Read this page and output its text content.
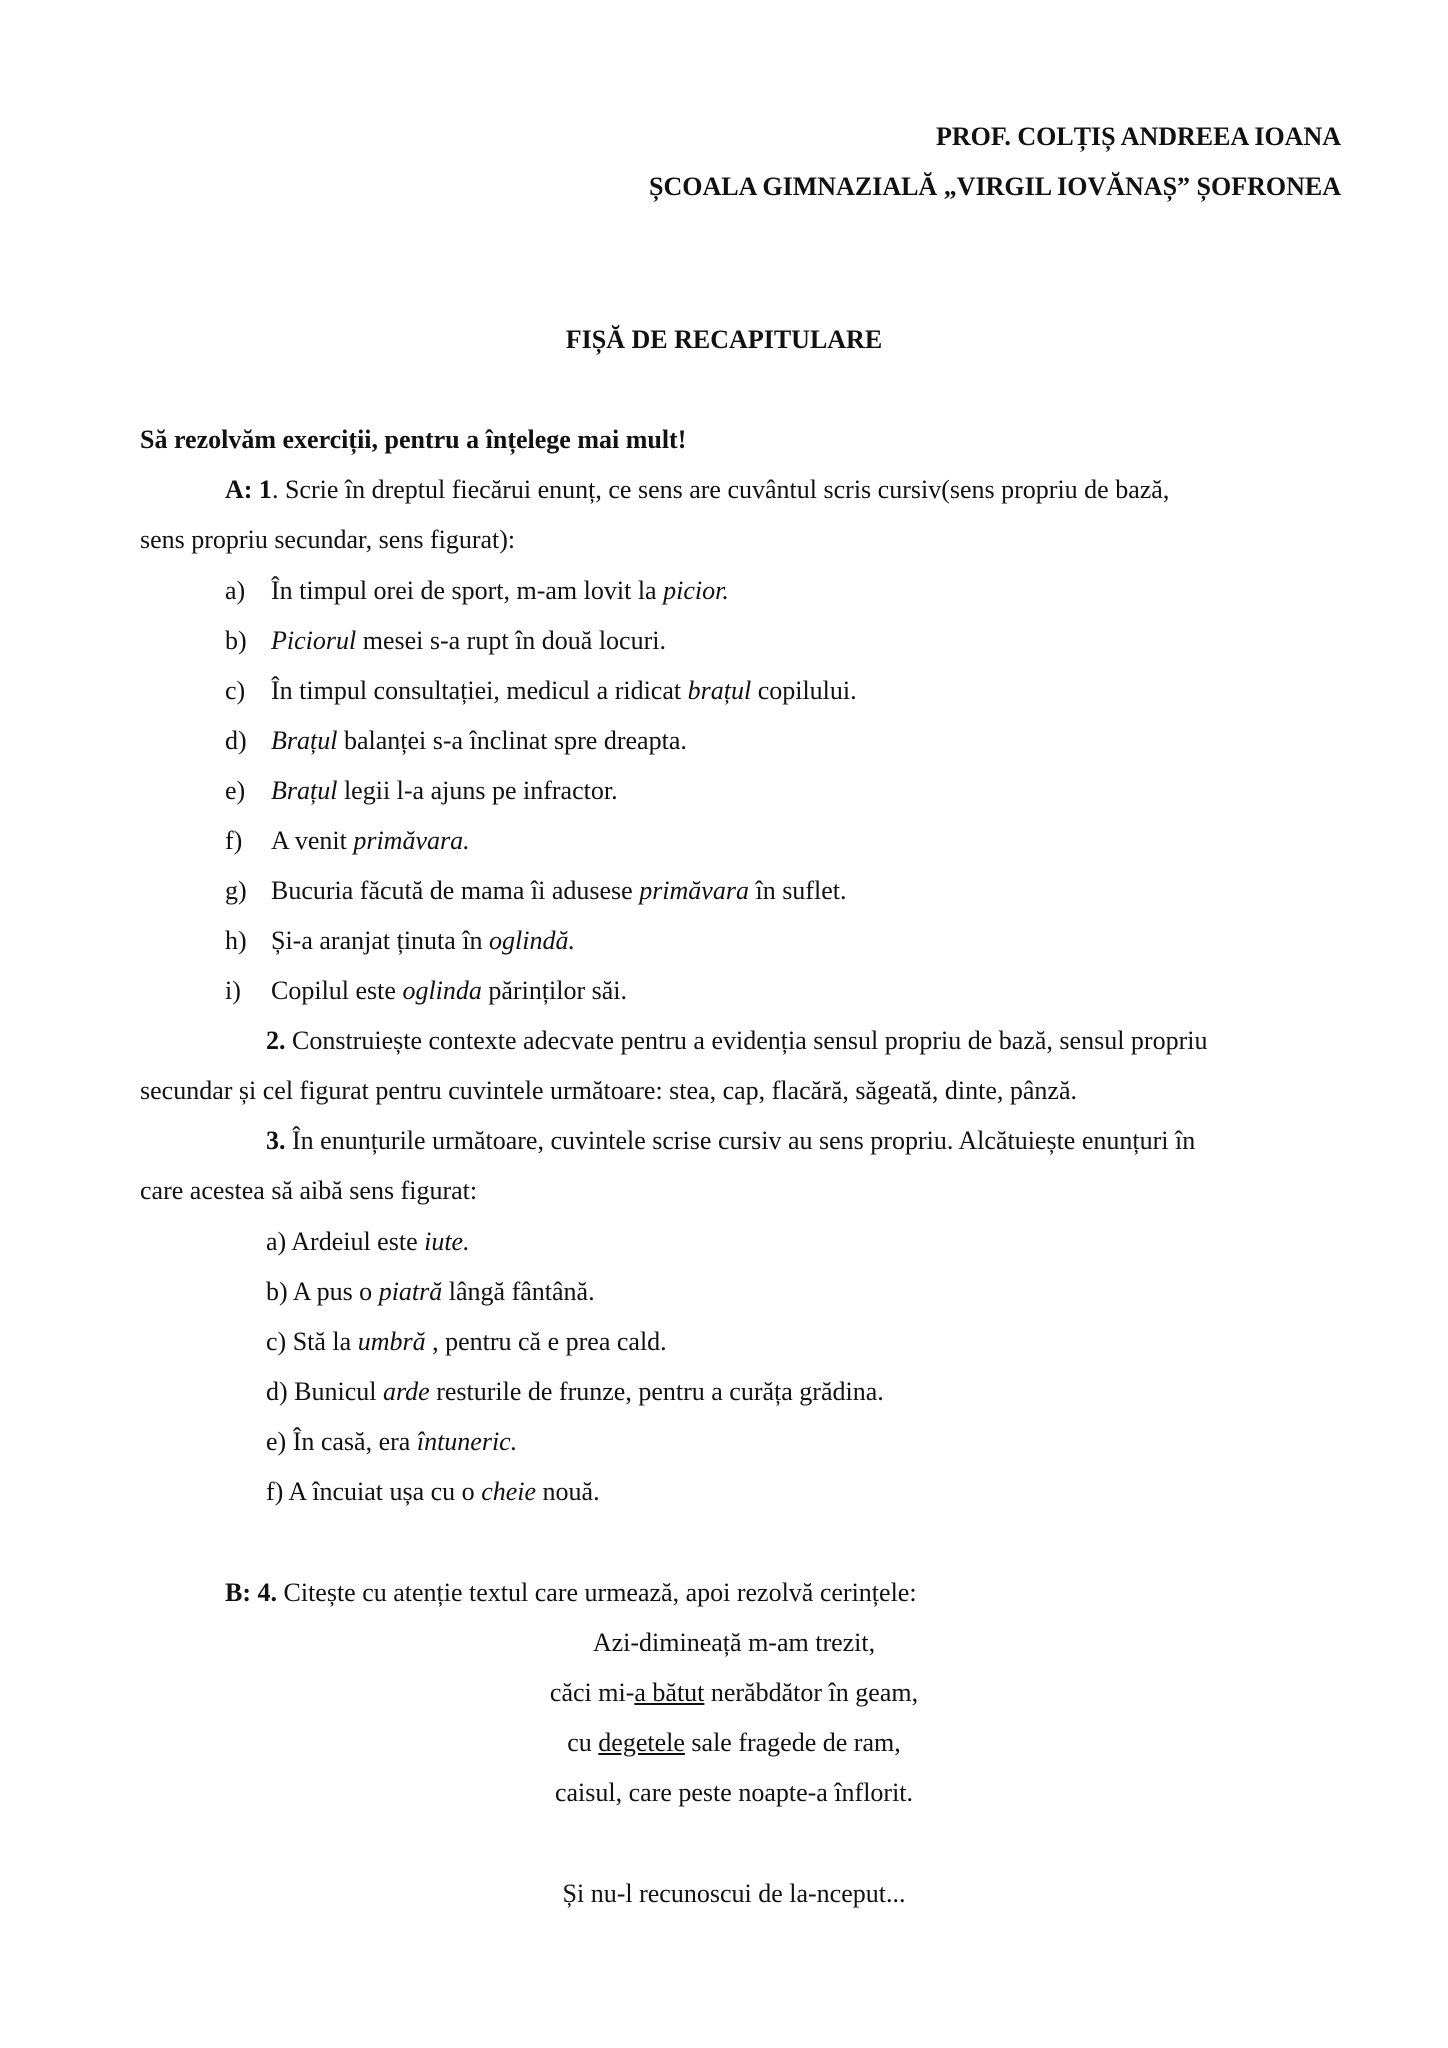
PROF. COLȚIȘ ANDREEA IOANA
ȘCOALA GIMNAZIALĂ „VIRGIL IOVĂNAȘ” ȘOFRONEA
FIȘĂ DE RECAPITULARE
Să rezolvăm exerciții, pentru a înțelege mai mult!
A: 1. Scrie în dreptul fiecărui enunț, ce sens are cuvântul scris cursiv(sens propriu de bază,
sens propriu secundar, sens figurat):
a) În timpul orei de sport, m-am lovit la picior.
b) Piciorul mesei s-a rupt în două locuri.
c) În timpul consultației, medicul a ridicat brațul copilului.
d) Brațul balanței s-a înclinat spre dreapta.
e) Brațul legii l-a ajuns pe infractor.
f) A venit primăvara.
g) Bucuria făcută de mama îi adusese primăvara în suflet.
h) Și-a aranjat ținuta în oglindă.
i) Copilul este oglinda părinților săi.
2. Construiește contexte adecvate pentru a evidenția sensul propriu de bază, sensul propriu
secundar și cel figurat pentru cuvintele următoare: stea, cap, flacără, săgeată, dinte, pânză.
3. În enunțurile următoare, cuvintele scrise cursiv au sens propriu. Alcătuiește enunțuri în
care acestea să aibă sens figurat:
a) Ardeiul este iute.
b) A pus o piatră lângă fântână.
c) Stă la umbră , pentru că e prea cald.
d) Bunicul arde resturile de frunze, pentru a curăța grădina.
e) În casă, era întuneric.
f) A încuiat ușa cu o cheie nouă.
B: 4. Citește cu atenție textul care urmează, apoi rezolvă cerințele:
Azi-dimineață m-am trezit,
căci mi-a bătut nerăbdător în geam,
cu degetele sale fragede de ram,
caisul, care peste noapte-a înflorit.
Și nu-l recunoscui de la-nceput...
